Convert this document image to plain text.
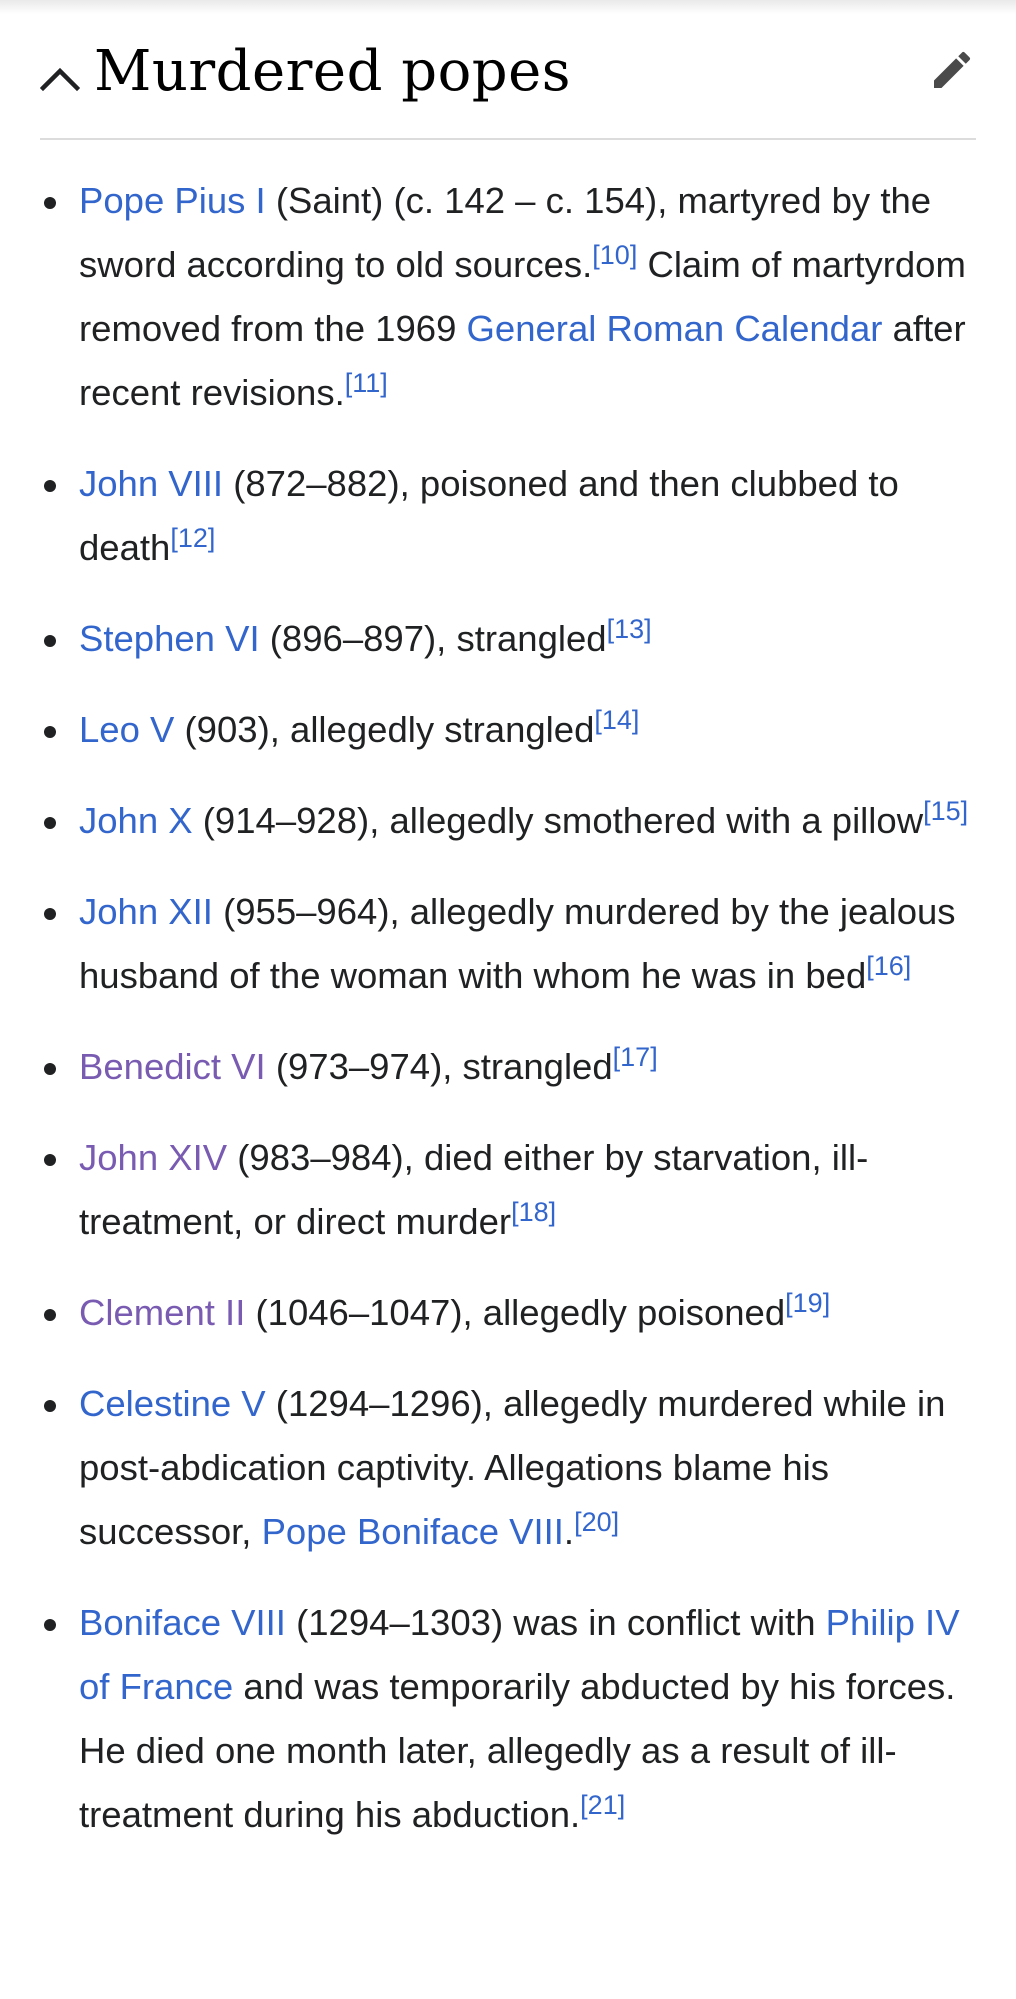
Murdered popes
Pope Pius I (Saint) (c. 142 – c. 154), martyred by the sword according to old sources.[10] Claim of martyrdom removed from the 1969 General Roman Calendar after recent revisions.[11]
John VIII (872–882), poisoned and then clubbed to death[12]
Stephen VI (896–897), strangled[13]
Leo V (903), allegedly strangled[14]
John X (914–928), allegedly smothered with a pillow[15]
John XII (955–964), allegedly murdered by the jealous husband of the woman with whom he was in bed[16]
Benedict VI (973–974), strangled[17]
John XIV (983–984), died either by starvation, ill-treatment, or direct murder[18]
Clement II (1046–1047), allegedly poisoned[19]
Celestine V (1294–1296), allegedly murdered while in post-abdication captivity. Allegations blame his successor, Pope Boniface VIII.[20]
Boniface VIII (1294–1303) was in conflict with Philip IV of France and was temporarily abducted by his forces. He died one month later, allegedly as a result of ill-treatment during his abduction.[21]
